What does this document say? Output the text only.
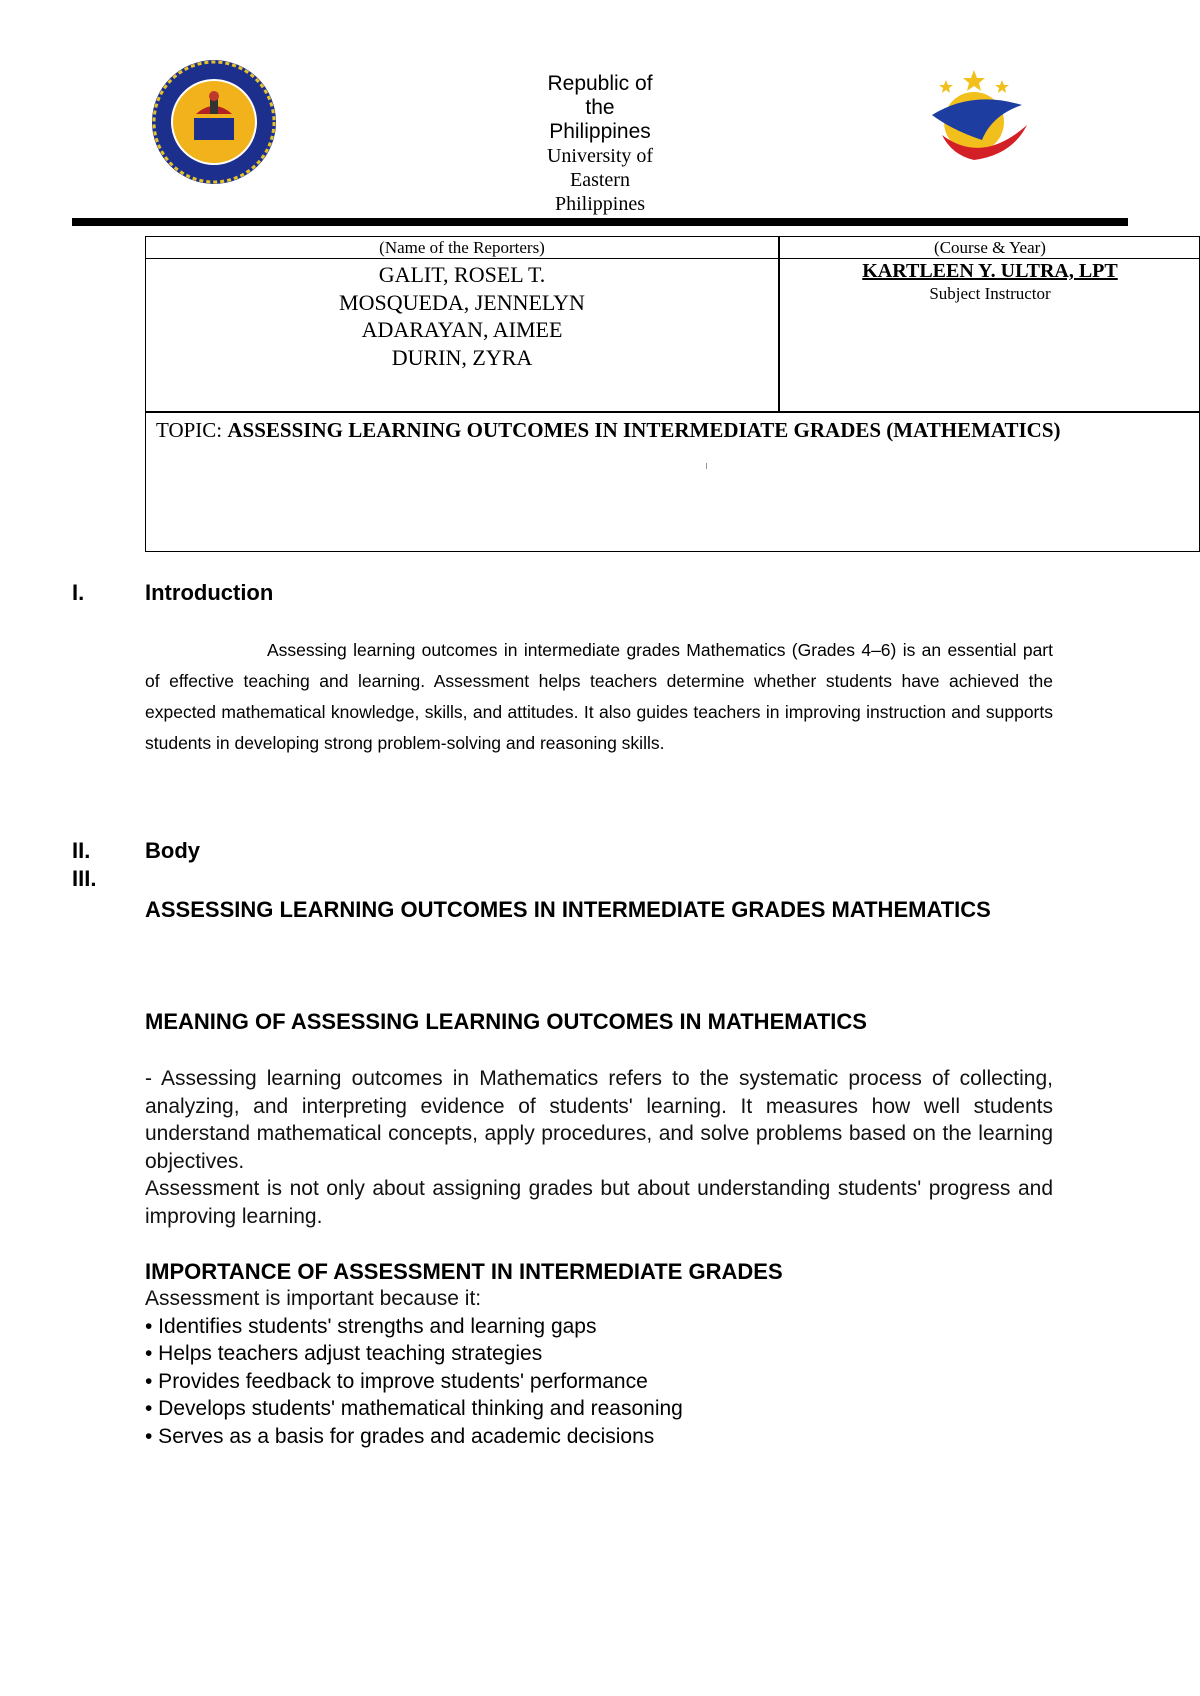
Republic of
the
Philippines
University of
Eastern
Philippines
(Name of the Reporters)	(Course & Year)
GALIT, ROSEL T.
MOSQUEDA, JENNELYN
ADARAYAN, AIMEE
DURIN, ZYRA
KARTLEEN Y. ULTRA, LPT
Subject Instructor
TOPIC: ASSESSING LEARNING OUTCOMES IN INTERMEDIATE GRADES (MATHEMATICS)
I.	Introduction
Assessing learning outcomes in intermediate grades Mathematics (Grades 4–6) is an essential part of effective teaching and learning. Assessment helps teachers determine whether students have achieved the expected mathematical knowledge, skills, and attitudes. It also guides teachers in improving instruction and supports students in developing strong problem-solving and reasoning skills.
II. Body
III.
ASSESSING LEARNING OUTCOMES IN INTERMEDIATE GRADES MATHEMATICS
MEANING OF ASSESSING LEARNING OUTCOMES IN MATHEMATICS
- Assessing learning outcomes in Mathematics refers to the systematic process of collecting, analyzing, and interpreting evidence of students' learning. It measures how well students understand mathematical concepts, apply procedures, and solve problems based on the learning objectives.
Assessment is not only about assigning grades but about understanding students' progress and improving learning.
IMPORTANCE OF ASSESSMENT IN INTERMEDIATE GRADES
Assessment is important because it:
• Identifies students' strengths and learning gaps
• Helps teachers adjust teaching strategies
• Provides feedback to improve students' performance
• Develops students' mathematical thinking and reasoning
• Serves as a basis for grades and academic decisions
